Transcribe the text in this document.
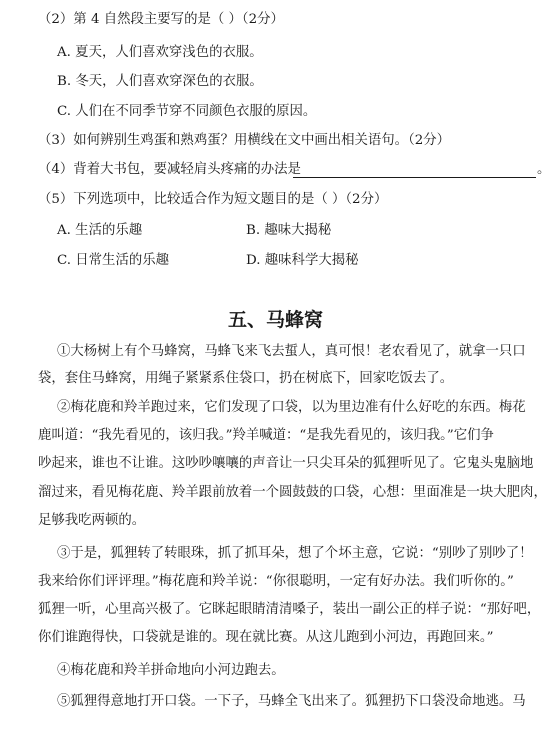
（2）第 4 自然段主要写的是（ ）（2分）
A. 夏天，人们喜欢穿浅色的衣服。
B. 冬天，人们喜欢穿深色的衣服。
C. 人们在不同季节穿不同颜色衣服的原因。
（3）如何辨别生鸡蛋和熟鸡蛋？用横线在文中画出相关语句。（2分）
（4）背着大书包，要减轻肩头疼痛的办法是	。
（5）下列选项中，比较适合作为短文题目的是（ ）（2分）
A. 生活的乐趣	B. 趣味大揭秘
C. 日常生活的乐趣	D. 趣味科学大揭秘
五、马蜂窝
①大杨树上有个马蜂窝，马蜂飞来飞去蜇人，真可恨！老农看见了，就拿一只口
袋，套住马蜂窝，用绳子紧紧系住袋口，扔在树底下，回家吃饭去了。
②梅花鹿和羚羊跑过来，它们发现了口袋，以为里边准有什么好吃的东西。梅花
鹿叫道：“我先看见的，该归我。”羚羊喊道：“是我先看见的，该归我。”它们争
吵起来，谁也不让谁。这吵吵嚷嚷的声音让一只尖耳朵的狐狸听见了。它鬼头鬼脑地
溜过来，看见梅花鹿、羚羊跟前放着一个圆鼓鼓的口袋，心想：里面准是一块大肥肉，
足够我吃两顿的。
③于是，狐狸转了转眼珠，抓了抓耳朵，想了个坏主意，它说：“别吵了别吵了！
我来给你们评评理。”梅花鹿和羚羊说：“你很聪明，一定有好办法。我们听你的。”
狐狸一听，心里高兴极了。它眯起眼睛清清嗓子，装出一副公正的样子说：“那好吧，
你们谁跑得快，口袋就是谁的。现在就比赛。从这儿跑到小河边，再跑回来。”
④梅花鹿和羚羊拼命地向小河边跑去。
⑤狐狸得意地打开口袋。一下子，马蜂全飞出来了。狐狸扔下口袋没命地逃。马
